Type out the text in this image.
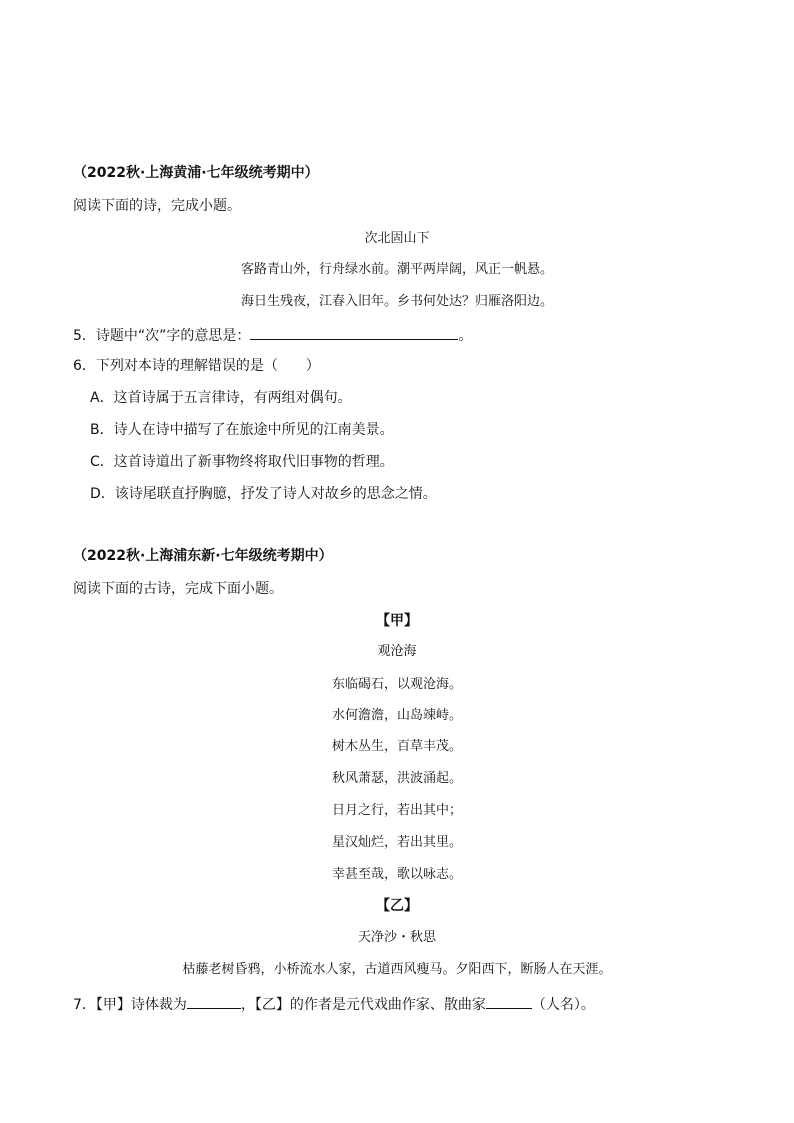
（2022秋·上海黄浦·七年级统考期中）
阅读下面的诗，完成小题。
次北固山下
客路青山外，行舟绿水前。潮平两岸阔，风正一帆悬。
海日生残夜，江春入旧年。乡书何处达？归雁洛阳边。
5．诗题中“次”字的意思是：	。
6．下列对本诗的理解错误的是（　　）
A．这首诗属于五言律诗，有两组对偶句。
B．诗人在诗中描写了在旅途中所见的江南美景。
C．这首诗道出了新事物终将取代旧事物的哲理。
D．该诗尾联直抒胸臆，抒发了诗人对故乡的思念之情。
（2022秋·上海浦东新·七年级统考期中）
阅读下面的古诗，完成下面小题。
【甲】
观沧海
东临碣石，以观沧海。
水何澹澹，山岛竦峙。
树木丛生，百草丰茂。
秋风萧瑟，洪波涌起。
日月之行，若出其中；
星汉灿烂，若出其里。
幸甚至哉，歌以咏志。
【乙】
天净沙・秋思
枯藤老树昏鸦，小桥流水人家，古道西风瘦马。夕阳西下，断肠人在天涯。
7．【甲】诗体裁为	，【乙】的作者是元代戏曲作家、散曲家	（人名）。
